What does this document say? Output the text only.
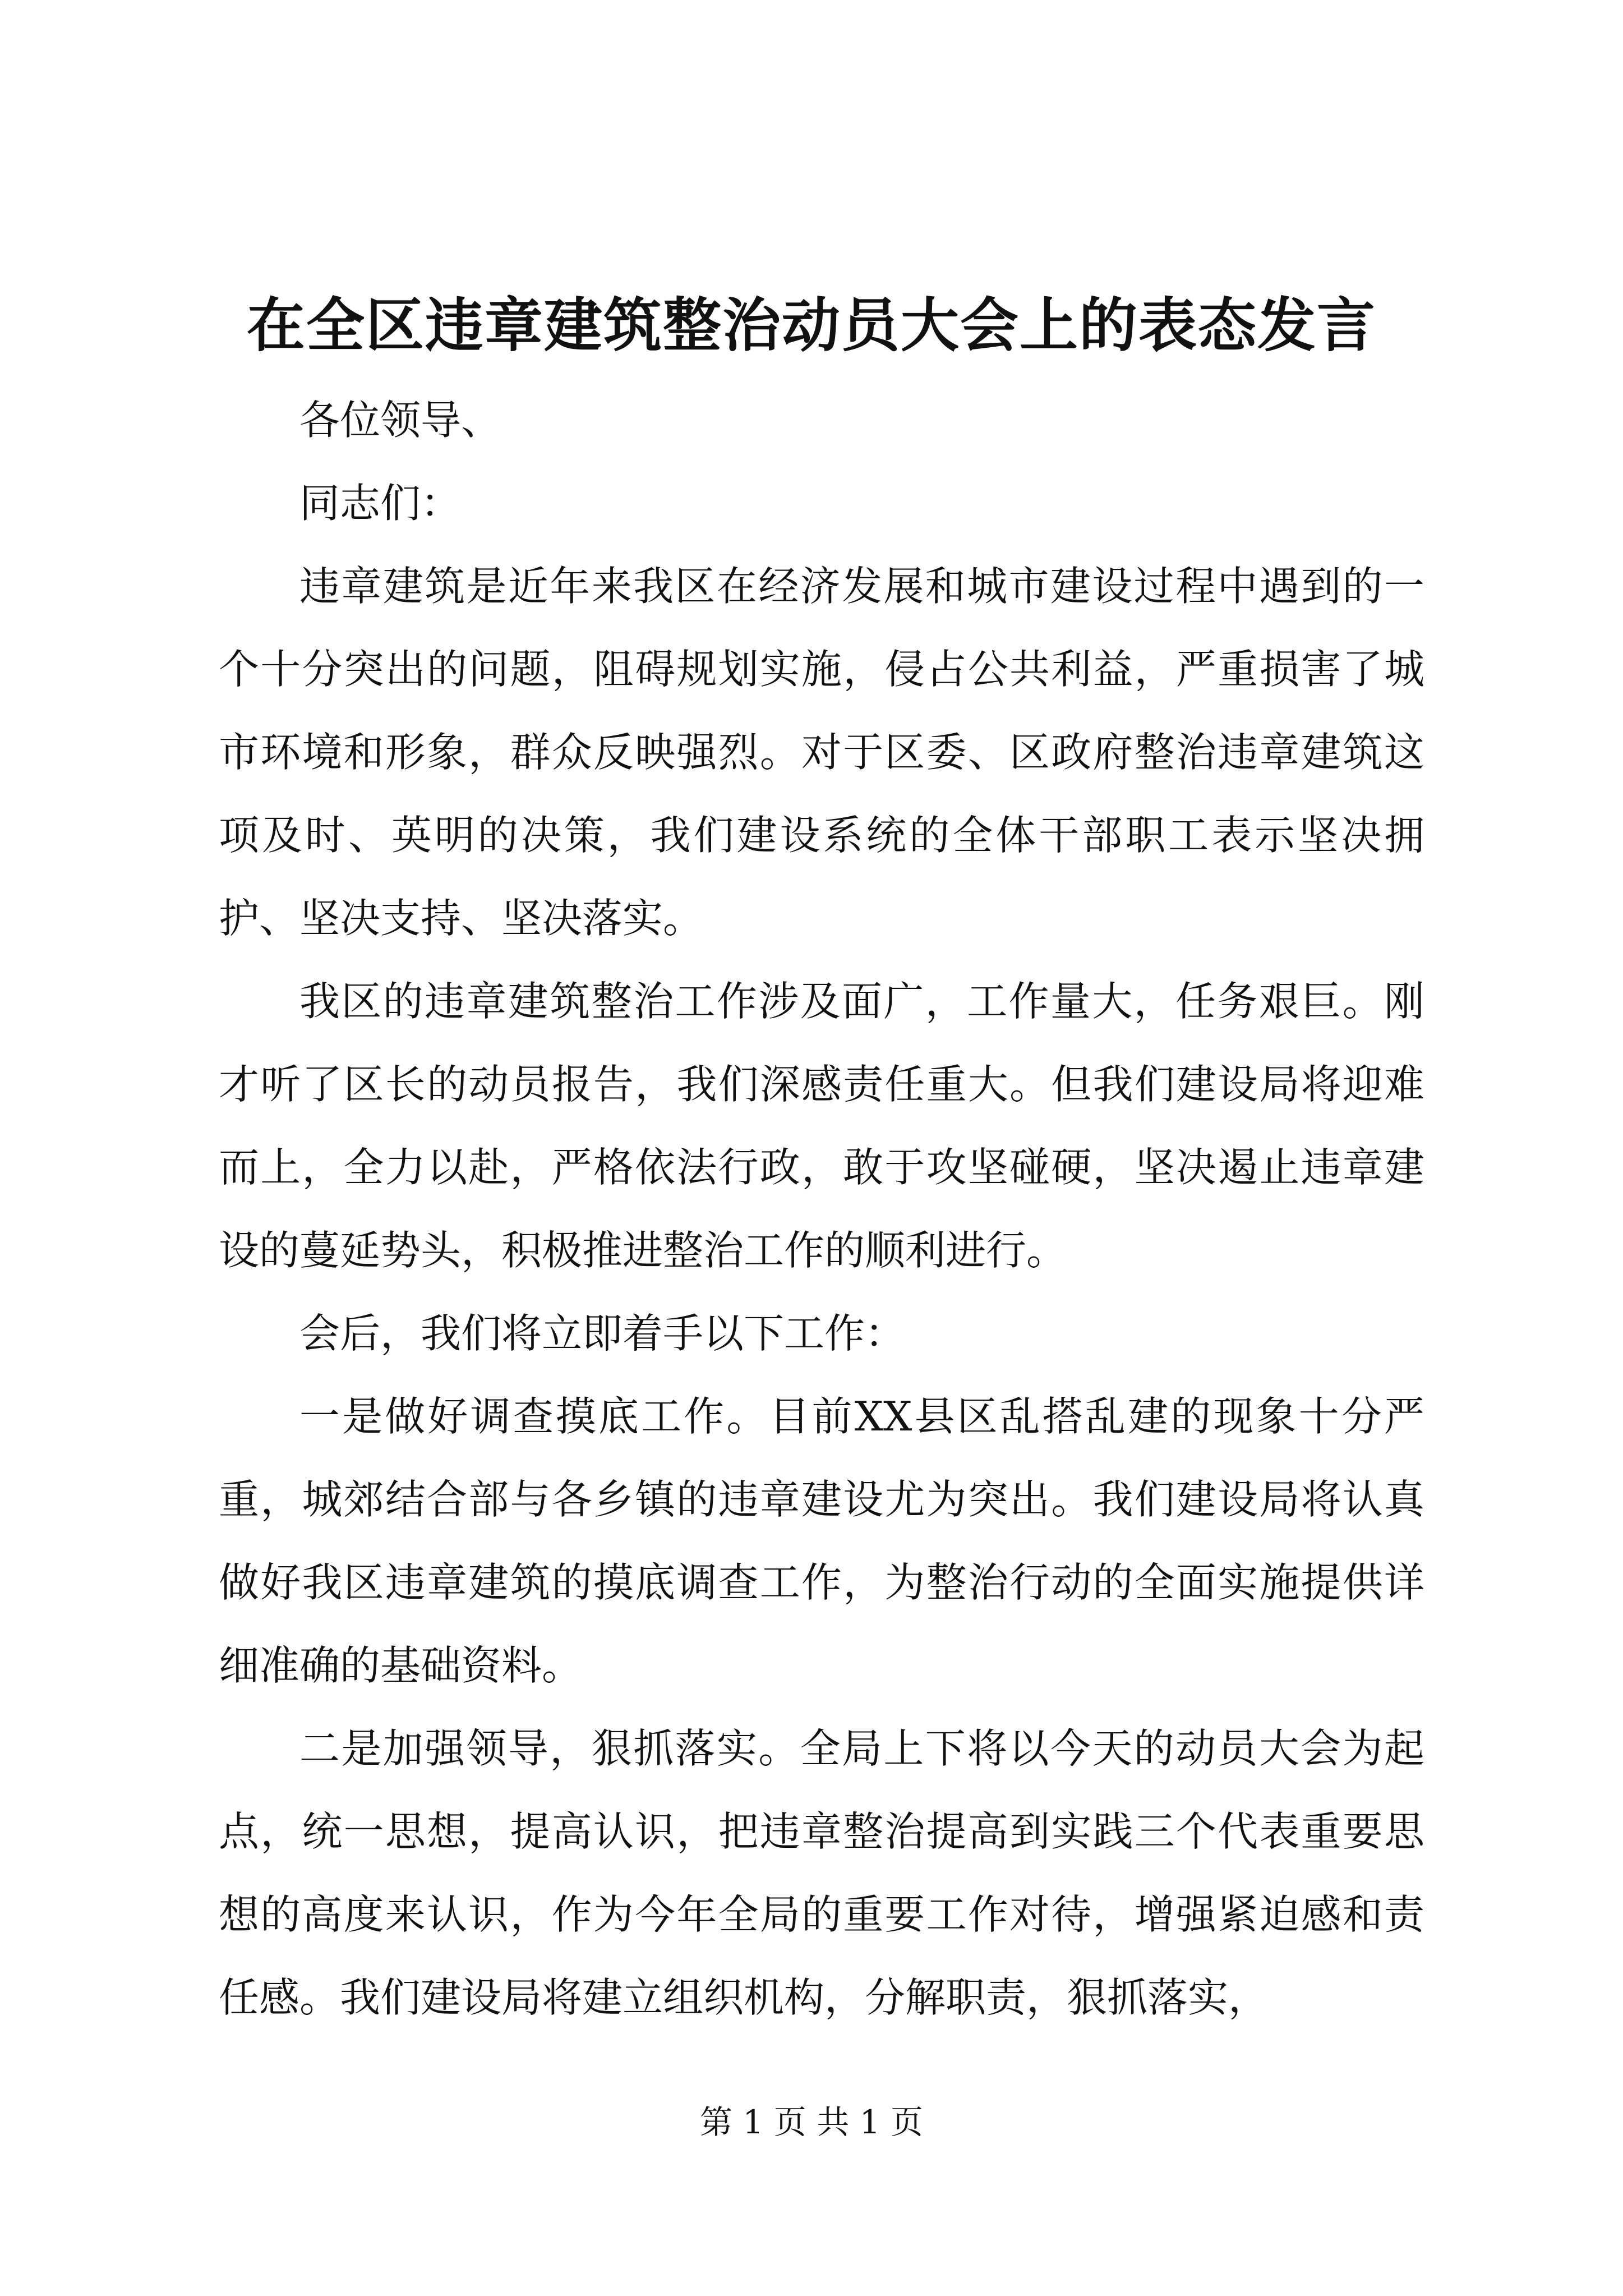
在全区违章建筑整治动员大会上的表态发言

各位领导、

同志们：

违章建筑是近年来我区在经济发展和城市建设过程中遇到的一个十分突出的问题，阻碍规划实施，侵占公共利益，严重损害了城市环境和形象，群众反映强烈。对于区委、区政府整治违章建筑这项及时、英明的决策，我们建设系统的全体干部职工表示坚决拥护、坚决支持、坚决落实。

我区的违章建筑整治工作涉及面广，工作量大，任务艰巨。刚才听了区长的动员报告，我们深感责任重大。但我们建设局将迎难而上，全力以赴，严格依法行政，敢于攻坚碰硬，坚决遏止违章建设的蔓延势头，积极推进整治工作的顺利进行。

会后，我们将立即着手以下工作：

一是做好调查摸底工作。目前XX县区乱搭乱建的现象十分严重，城郊结合部与各乡镇的违章建设尤为突出。我们建设局将认真做好我区违章建筑的摸底调查工作，为整治行动的全面实施提供详细准确的基础资料。

二是加强领导，狠抓落实。全局上下将以今天的动员大会为起点，统一思想，提高认识，把违章整治提高到实践三个代表重要思想的高度来认识，作为今年全局的重要工作对待，增强紧迫感和责任感。我们建设局将建立组织机构，分解职责，狠抓落实，

第 1 页 共 1 页
